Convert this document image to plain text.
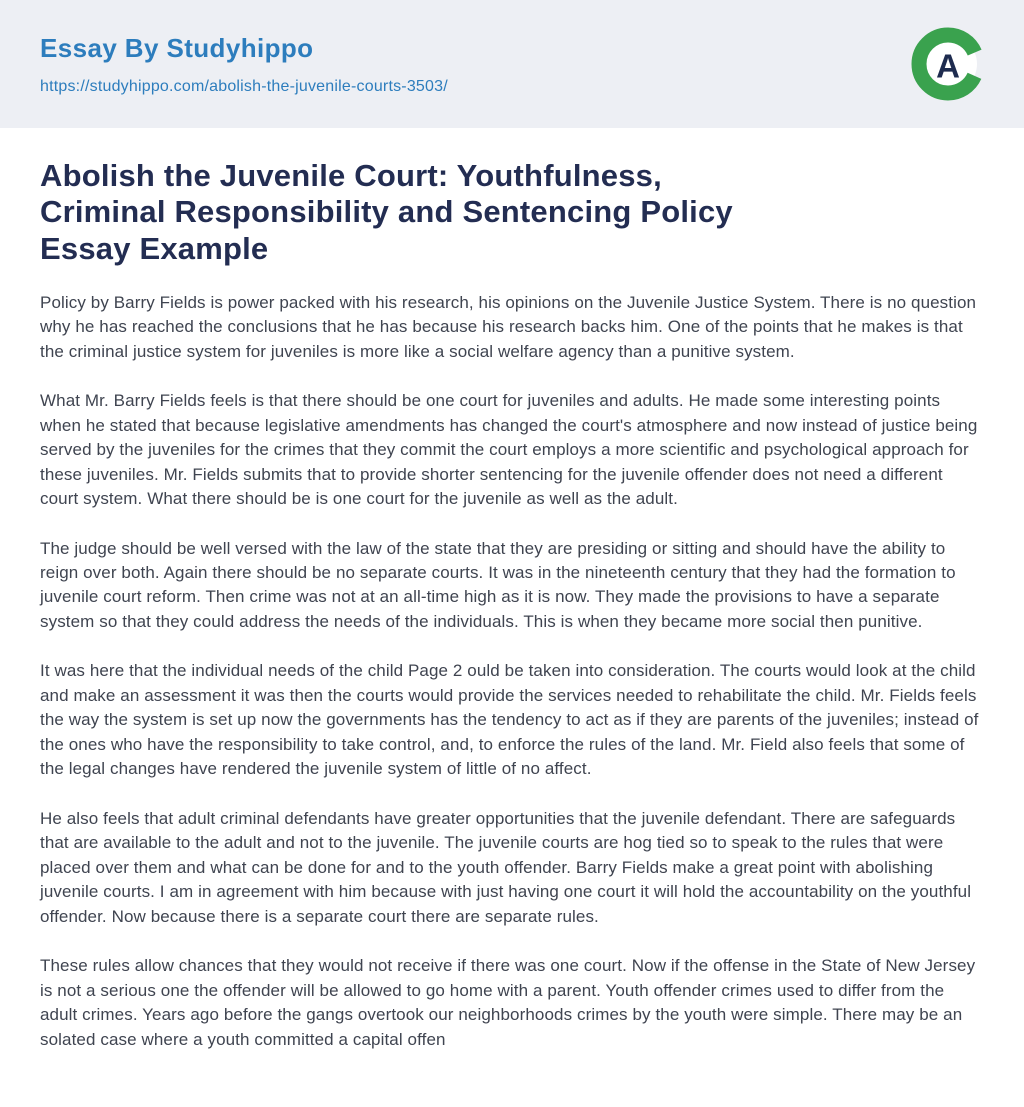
Essay By Studyhippo
https://studyhippo.com/abolish-the-juvenile-courts-3503/
A
Abolish the Juvenile Court: Youthfulness,
Criminal Responsibility and Sentencing Policy
Essay Example

Policy by Barry Fields is power packed with his research, his opinions on the Juvenile Justice System. There is no question why he has reached the conclusions that he has because his research backs him. One of the points that he makes is that the criminal justice system for juveniles is more like a social welfare agency than a punitive system.

What Mr. Barry Fields feels is that there should be one court for juveniles and adults. He made some interesting points when he stated that because legislative amendments has changed the court's atmosphere and now instead of justice being served by the juveniles for the crimes that they commit the court employs a more scientific and psychological approach for these juveniles. Mr. Fields submits that to provide shorter sentencing for the juvenile offender does not need a different court system. What there should be is one court for the juvenile as well as the adult.

The judge should be well versed with the law of the state that they are presiding or sitting and should have the ability to reign over both. Again there should be no separate courts. It was in the nineteenth century that they had the formation to juvenile court reform. Then crime was not at an all-time high as it is now. They made the provisions to have a separate system so that they could address the needs of the individuals. This is when they became more social then punitive.

It was here that the individual needs of the child Page 2 ould be taken into consideration. The courts would look at the child and make an assessment it was then the courts would provide the services needed to rehabilitate the child. Mr. Fields feels the way the system is set up now the governments has the tendency to act as if they are parents of the juveniles; instead of the ones who have the responsibility to take control, and, to enforce the rules of the land. Mr. Field also feels that some of the legal changes have rendered the juvenile system of little of no affect.

He also feels that adult criminal defendants have greater opportunities that the juvenile defendant. There are safeguards that are available to the adult and not to the juvenile. The juvenile courts are hog tied so to speak to the rules that were placed over them and what can be done for and to the youth offender. Barry Fields make a great point with abolishing juvenile courts. I am in agreement with him because with just having one court it will hold the accountability on the youthful offender. Now because there is a separate court there are separate rules.

These rules allow chances that they would not receive if there was one court. Now if the offense in the State of New Jersey is not a serious one the offender will be allowed to go home with a parent. Youth offender crimes used to differ from the adult crimes. Years ago before the gangs overtook our neighborhoods crimes by the youth were simple. There may be an solated case where a youth committed a capital offen
